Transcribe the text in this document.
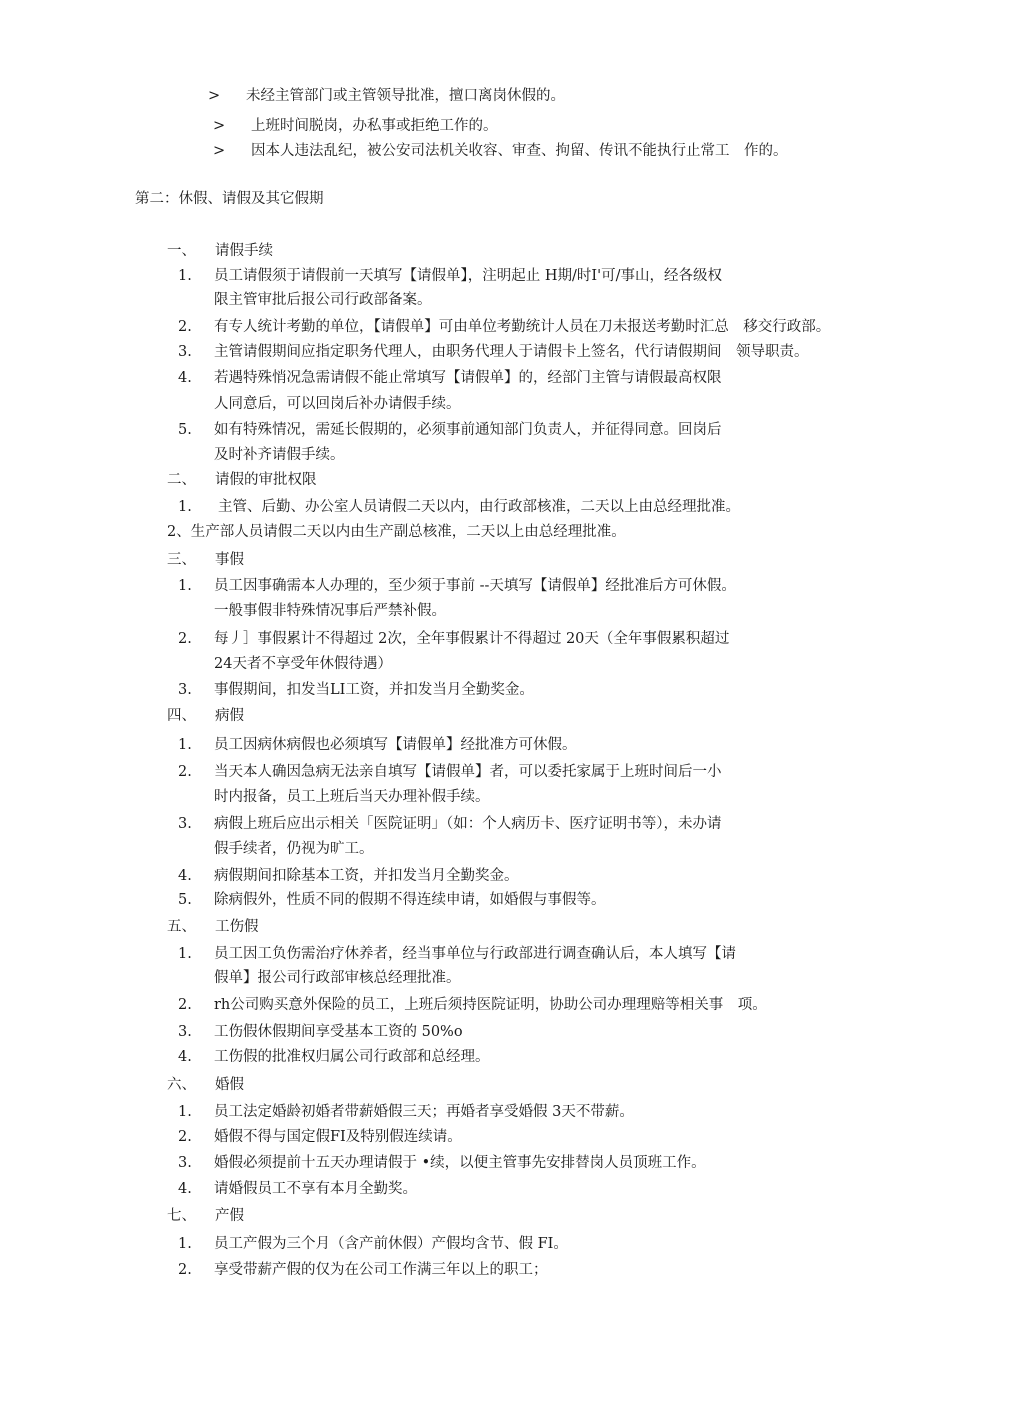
> 未经主管部门或主管领导批准，擅口离岗休假的。
> 上班时间脱岗，办私事或拒绝工作的。
> 因本人违法乱纪，被公安司法机关收容、审查、拘留、传讯不能执行止常工　作的。
第二：休假、请假及其它假期
一、 请假手续
1. 员工请假须于请假前一天填写【请假单】，注明起止 H期/时I'可/事山，经各级权
限主管审批后报公司行政部备案。
2. 有专人统计考勤的单位，【请假单】可由单位考勤统计人员在刀未报送考勤时汇总　移交行政部。
3. 主管请假期间应指定职务代理人，由职务代理人于请假卡上签名，代行请假期间　领导职责。
4. 若遇特殊悄况急需请假不能止常填写【请假单】的，经部门主管与请假最高权限
人同意后，可以回岗后补办请假手续。
5. 如有特殊情况，需延长假期的，必须事前通知部门负责人，并征得同意。回岗后
及时补齐请假手续。
二、 请假的审批权限
1. 主管、后勤、办公室人员请假二天以内，由行政部核准，二天以上由总经理批准。
2、生产部人员请假二天以内由生产副总核准，二天以上由总经理批准。
三、 事假
1. 员工因事确需本人办理的，至少须于事前 --天填写【请假单】经批准后方可休假。
一般事假非特殊情况事后严禁补假。
2. 每丿］事假累计不得超过 2次，全年事假累计不得超过 20天（全年事假累积超过
24天者不享受年休假待遇）
3. 事假期间，扣发当LI工资，并扣发当月全勤奖金。
四、 病假
1. 员工因病休病假也必须填写【请假单】经批准方可休假。
2. 当天本人确因急病无法亲自填写【请假单】者，可以委托家属于上班时间后一小
时内报备，员工上班后当天办理补假手续。
3. 病假上班后应出示相关「医院证明」（如：个人病历卡、医疗证明书等），未办请
假手续者，仍视为旷工。
4. 病假期间扣除基本工资，并扣发当月全勤奖金。
5. 除病假外，性质不同的假期不得连续申请，如婚假与事假等。
五、 工伤假
1. 员工因工负伤需治疗休养者，经当事单位与行政部进行调查确认后，本人填写【请
假单】报公司行政部审核总经理批准。
2. rh公司购买意外保险的员工，上班后须持医院证明，协助公司办理理赔等相关事　项。
3. 工伤假休假期间享受基本工资的 50%o
4. 工伤假的批准权归属公司行政部和总经理。
六、 婚假
1. 员工法定婚龄初婚者带薪婚假三天；再婚者享受婚假 3天不带薪。
2. 婚假不得与国定假FI及特别假连续请。
3. 婚假必须提前十五天办理请假于 •续，以便主管事先安排替岗人员顶班工作。
4. 请婚假员工不享有本月全勤奖。
七、 产假
1. 员工产假为三个月（含产前休假）产假均含节、假 FI。
2. 享受带薪产假的仅为在公司工作满三年以上的职工；
